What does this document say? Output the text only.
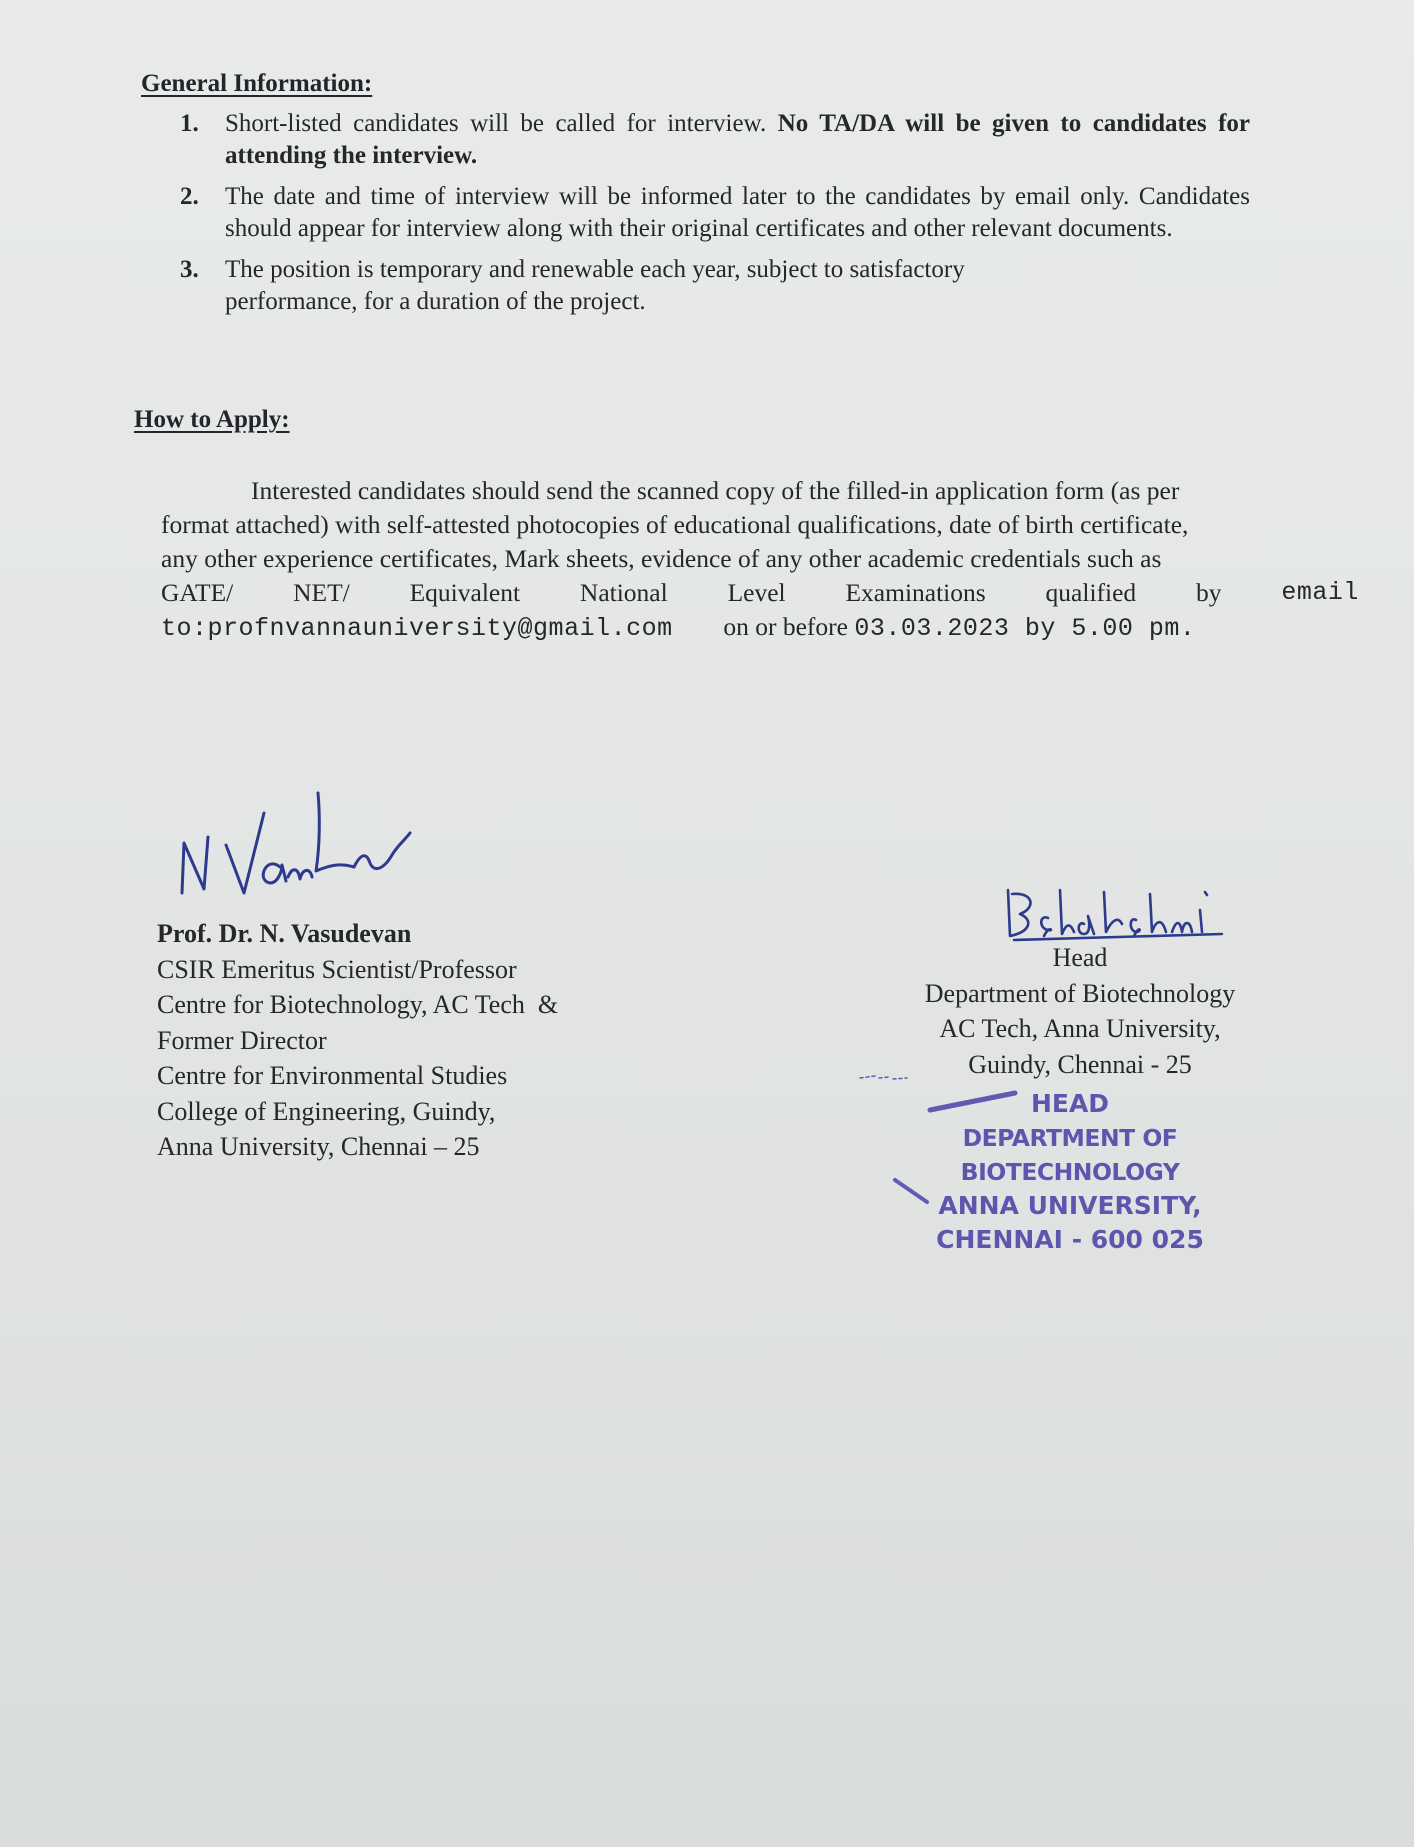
General Information:
1. Short-listed candidates will be called for interview. No TA/DA will be given to candidates for attending the interview.
2. The date and time of interview will be informed later to the candidates by email only. Candidates should appear for interview along with their original certificates and other relevant documents.
3. The position is temporary and renewable each year, subject to satisfactory
performance, for a duration of the project.
How to Apply:
Interested candidates should send the scanned copy of the filled-in application form (as per
format attached) with self-attested photocopies of educational qualifications, date of birth certificate,
any other experience certificates, Mark sheets, evidence of any other academic credentials such as
GATE/ NET/ Equivalent National Level Examinations qualified by email
to:profnvannauniversity@gmail.com on or before 03.03.2023 by 5.00 pm.
Prof. Dr. N. Vasudevan
CSIR Emeritus Scientist/Professor
Centre for Biotechnology, AC Tech  &
Former Director
Centre for Environmental Studies
College of Engineering, Guindy,
Anna University, Chennai – 25
Head
Department of Biotechnology
AC Tech, Anna University,
Guindy, Chennai - 25
HEAD
DEPARTMENT OF BIOTECHNOLOGY
ANNA UNIVERSITY,
CHENNAI - 600 025
